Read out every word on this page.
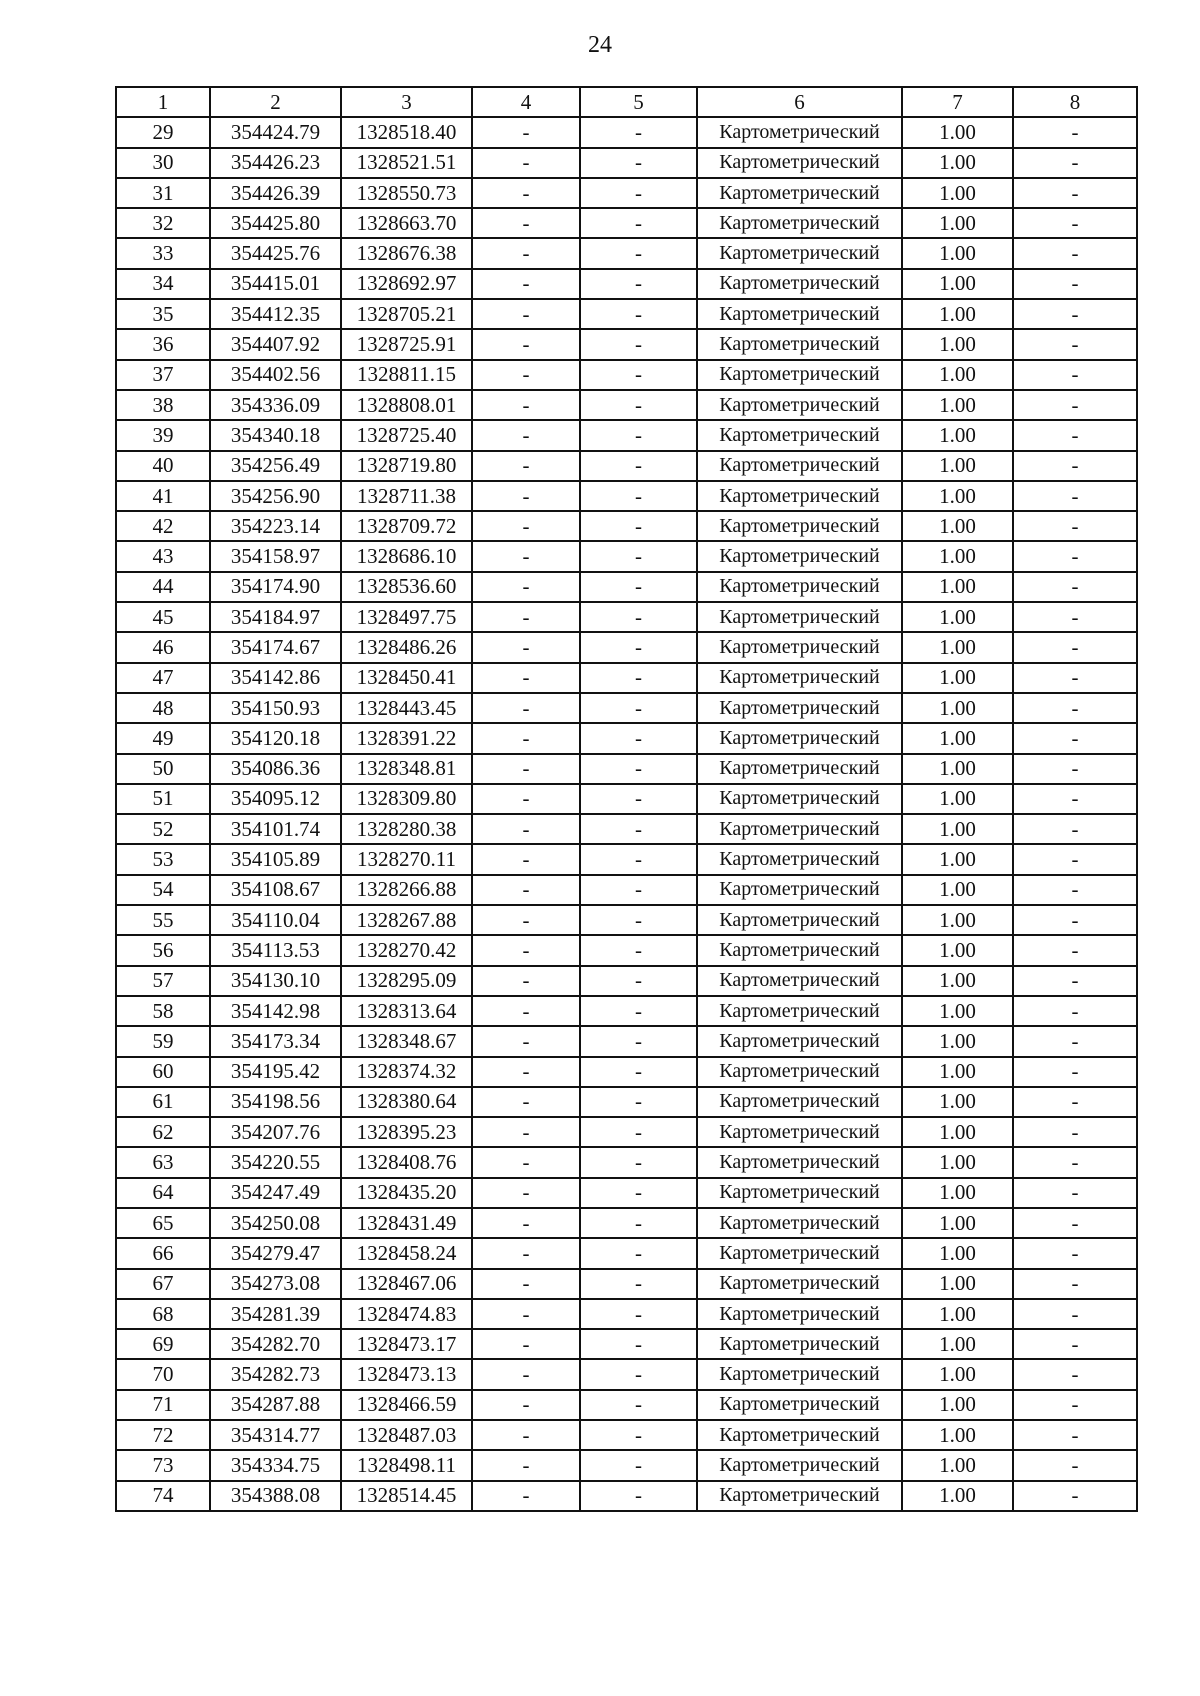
24
1	2	3	4	5	6	7	8
29	354424.79	1328518.40	-	-	Картометрический	1.00	-
30	354426.23	1328521.51	-	-	Картометрический	1.00	-
31	354426.39	1328550.73	-	-	Картометрический	1.00	-
32	354425.80	1328663.70	-	-	Картометрический	1.00	-
33	354425.76	1328676.38	-	-	Картометрический	1.00	-
34	354415.01	1328692.97	-	-	Картометрический	1.00	-
35	354412.35	1328705.21	-	-	Картометрический	1.00	-
36	354407.92	1328725.91	-	-	Картометрический	1.00	-
37	354402.56	1328811.15	-	-	Картометрический	1.00	-
38	354336.09	1328808.01	-	-	Картометрический	1.00	-
39	354340.18	1328725.40	-	-	Картометрический	1.00	-
40	354256.49	1328719.80	-	-	Картометрический	1.00	-
41	354256.90	1328711.38	-	-	Картометрический	1.00	-
42	354223.14	1328709.72	-	-	Картометрический	1.00	-
43	354158.97	1328686.10	-	-	Картометрический	1.00	-
44	354174.90	1328536.60	-	-	Картометрический	1.00	-
45	354184.97	1328497.75	-	-	Картометрический	1.00	-
46	354174.67	1328486.26	-	-	Картометрический	1.00	-
47	354142.86	1328450.41	-	-	Картометрический	1.00	-
48	354150.93	1328443.45	-	-	Картометрический	1.00	-
49	354120.18	1328391.22	-	-	Картометрический	1.00	-
50	354086.36	1328348.81	-	-	Картометрический	1.00	-
51	354095.12	1328309.80	-	-	Картометрический	1.00	-
52	354101.74	1328280.38	-	-	Картометрический	1.00	-
53	354105.89	1328270.11	-	-	Картометрический	1.00	-
54	354108.67	1328266.88	-	-	Картометрический	1.00	-
55	354110.04	1328267.88	-	-	Картометрический	1.00	-
56	354113.53	1328270.42	-	-	Картометрический	1.00	-
57	354130.10	1328295.09	-	-	Картометрический	1.00	-
58	354142.98	1328313.64	-	-	Картометрический	1.00	-
59	354173.34	1328348.67	-	-	Картометрический	1.00	-
60	354195.42	1328374.32	-	-	Картометрический	1.00	-
61	354198.56	1328380.64	-	-	Картометрический	1.00	-
62	354207.76	1328395.23	-	-	Картометрический	1.00	-
63	354220.55	1328408.76	-	-	Картометрический	1.00	-
64	354247.49	1328435.20	-	-	Картометрический	1.00	-
65	354250.08	1328431.49	-	-	Картометрический	1.00	-
66	354279.47	1328458.24	-	-	Картометрический	1.00	-
67	354273.08	1328467.06	-	-	Картометрический	1.00	-
68	354281.39	1328474.83	-	-	Картометрический	1.00	-
69	354282.70	1328473.17	-	-	Картометрический	1.00	-
70	354282.73	1328473.13	-	-	Картометрический	1.00	-
71	354287.88	1328466.59	-	-	Картометрический	1.00	-
72	354314.77	1328487.03	-	-	Картометрический	1.00	-
73	354334.75	1328498.11	-	-	Картометрический	1.00	-
74	354388.08	1328514.45	-	-	Картометрический	1.00	-
